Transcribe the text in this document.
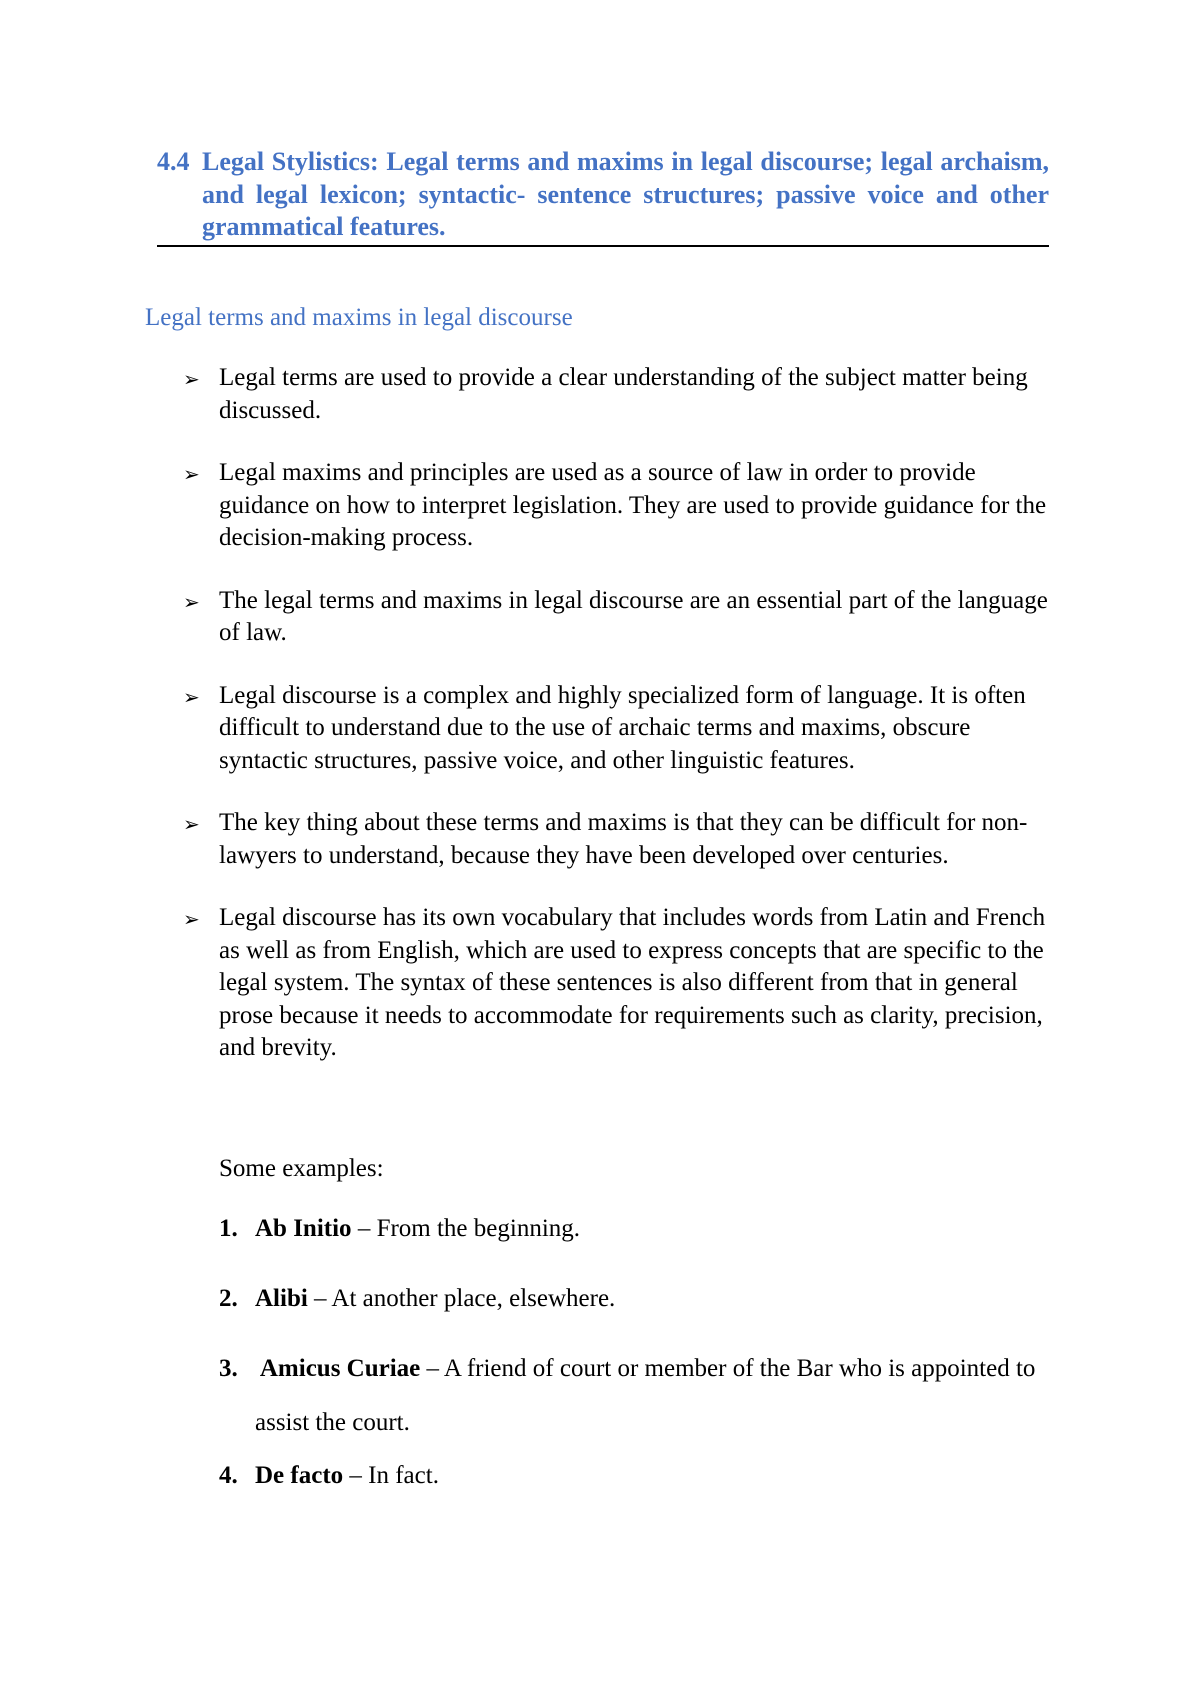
4.4 Legal Stylistics: Legal terms and maxims in legal discourse; legal archaism, and legal lexicon; syntactic- sentence structures; passive voice and other grammatical features.
Legal terms and maxims in legal discourse
➢ Legal terms are used to provide a clear understanding of the subject matter being discussed.
➢ Legal maxims and principles are used as a source of law in order to provide guidance on how to interpret legislation. They are used to provide guidance for the decision-making process.
➢ The legal terms and maxims in legal discourse are an essential part of the language of law.
➢ Legal discourse is a complex and highly specialized form of language. It is often difficult to understand due to the use of archaic terms and maxims, obscure syntactic structures, passive voice, and other linguistic features.
➢ The key thing about these terms and maxims is that they can be difficult for non-lawyers to understand, because they have been developed over centuries.
➢ Legal discourse has its own vocabulary that includes words from Latin and French as well as from English, which are used to express concepts that are specific to the legal system. The syntax of these sentences is also different from that in general prose because it needs to accommodate for requirements such as clarity, precision, and brevity.
Some examples:
1. Ab Initio – From the beginning.
2. Alibi – At another place, elsewhere.
3. Amicus Curiae – A friend of court or member of the Bar who is appointed to assist the court.
4. De facto – In fact.
